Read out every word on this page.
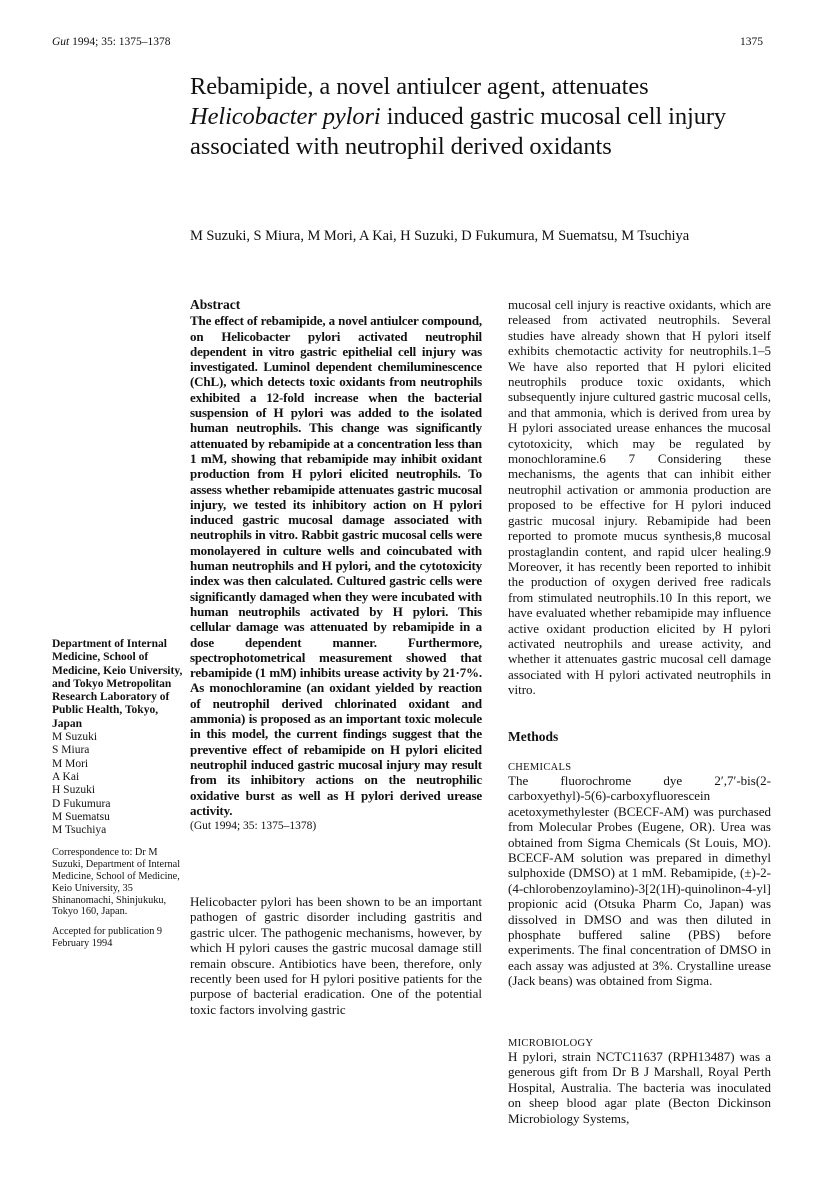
Gut 1994; 35: 1375–1378	1375
Rebamipide, a novel antiulcer agent, attenuates Helicobacter pylori induced gastric mucosal cell injury associated with neutrophil derived oxidants
M Suzuki, S Miura, M Mori, A Kai, H Suzuki, D Fukumura, M Suematsu, M Tsuchiya
Abstract

The effect of rebamipide, a novel antiulcer compound, on Helicobacter pylori activated neutrophil dependent in vitro gastric epithelial cell injury was investigated. Luminol dependent chemiluminescence (ChL), which detects toxic oxidants from neutrophils exhibited a 12-fold increase when the bacterial suspension of H pylori was added to the isolated human neutrophils. This change was significantly attenuated by rebamipide at a concentration less than 1 mM, showing that rebamipide may inhibit oxidant production from H pylori elicited neutrophils. To assess whether rebamipide attenuates gastric mucosal injury, we tested its inhibitory action on H pylori induced gastric mucosal damage associated with neutrophils in vitro. Rabbit gastric mucosal cells were monolayered in culture wells and coincubated with human neutrophils and H pylori, and the cytotoxicity index was then calculated. Cultured gastric cells were significantly damaged when they were incubated with human neutrophils activated by H pylori. This cellular damage was attenuated by rebamipide in a dose dependent manner. Furthermore, spectrophotometrical measurement showed that rebamipide (1 mM) inhibits urease activity by 21·7%. As monochloramine (an oxidant yielded by reaction of neutrophil derived chlorinated oxidant and ammonia) is proposed as an important toxic molecule in this model, the current findings suggest that the preventive effect of rebamipide on H pylori elicited neutrophil induced gastric mucosal injury may result from its inhibitory actions on the neutrophilic oxidative burst as well as H pylori derived urease activity.

(Gut 1994; 35: 1375–1378)

Helicobacter pylori has been shown to be an important pathogen of gastric disorder including gastritis and gastric ulcer. The pathogenic mechanisms, however, by which H pylori causes the gastric mucosal damage still remain obscure. Antibiotics have been, therefore, only recently been used for H pylori positive patients for the purpose of bacterial eradication. One of the potential toxic factors involving gastric

Department of Internal Medicine, School of Medicine, Keio University, and Tokyo Metropolitan Research Laboratory of Public Health, Tokyo, Japan

M Suzuki
S Miura
M Mori
A Kai
H Suzuki
D Fukumura
M Suematsu
M Tsuchiya

Correspondence to: Dr M Suzuki, Department of Internal Medicine, School of Medicine, Keio University, 35 Shinanomachi, Shinjukuku, Tokyo 160, Japan.

Accepted for publication 9 February 1994

mucosal cell injury is reactive oxidants, which are released from activated neutrophils. Several studies have already shown that H pylori itself exhibits chemotactic activity for neutrophils.1–5 We have also reported that H pylori elicited neutrophils produce toxic oxidants, which subsequently injure cultured gastric mucosal cells, and that ammonia, which is derived from urea by H pylori associated urease enhances the mucosal cytotoxicity, which may be regulated by monochloramine.6 7 Considering these mechanisms, the agents that can inhibit either neutrophil activation or ammonia production are proposed to be effective for H pylori induced gastric mucosal injury. Rebamipide had been reported to promote mucus synthesis,8 mucosal prostaglandin content, and rapid ulcer healing.9 Moreover, it has recently been reported to inhibit the production of oxygen derived free radicals from stimulated neutrophils.10 In this report, we have evaluated whether rebamipide may influence active oxidant production elicited by H pylori activated neutrophils and urease activity, and whether it attenuates gastric mucosal cell damage associated with H pylori activated neutrophils in vitro.

Methods
CHEMICALS

The fluorochrome dye 2′,7′-bis(2-carboxyethyl)-5(6)-carboxyfluorescein acetoxymethylester (BCECF-AM) was purchased from Molecular Probes (Eugene, OR). Urea was obtained from Sigma Chemicals (St Louis, MO). BCECF-AM solution was prepared in dimethyl sulphoxide (DMSO) at 1 mM. Rebamipide, (±)-2-(4-chlorobenzoylamino)-3[2(1H)-quinolinon-4-yl] propionic acid (Otsuka Pharm Co, Japan) was dissolved in DMSO and was then diluted in phosphate buffered saline (PBS) before experiments. The final concentration of DMSO in each assay was adjusted at 3%. Crystalline urease (Jack beans) was obtained from Sigma.

MICROBIOLOGY

H pylori, strain NCTC11637 (RPH13487) was a generous gift from Dr B J Marshall, Royal Perth Hospital, Australia. The bacteria was inoculated on sheep blood agar plate (Becton Dickinson Microbiology Systems,
